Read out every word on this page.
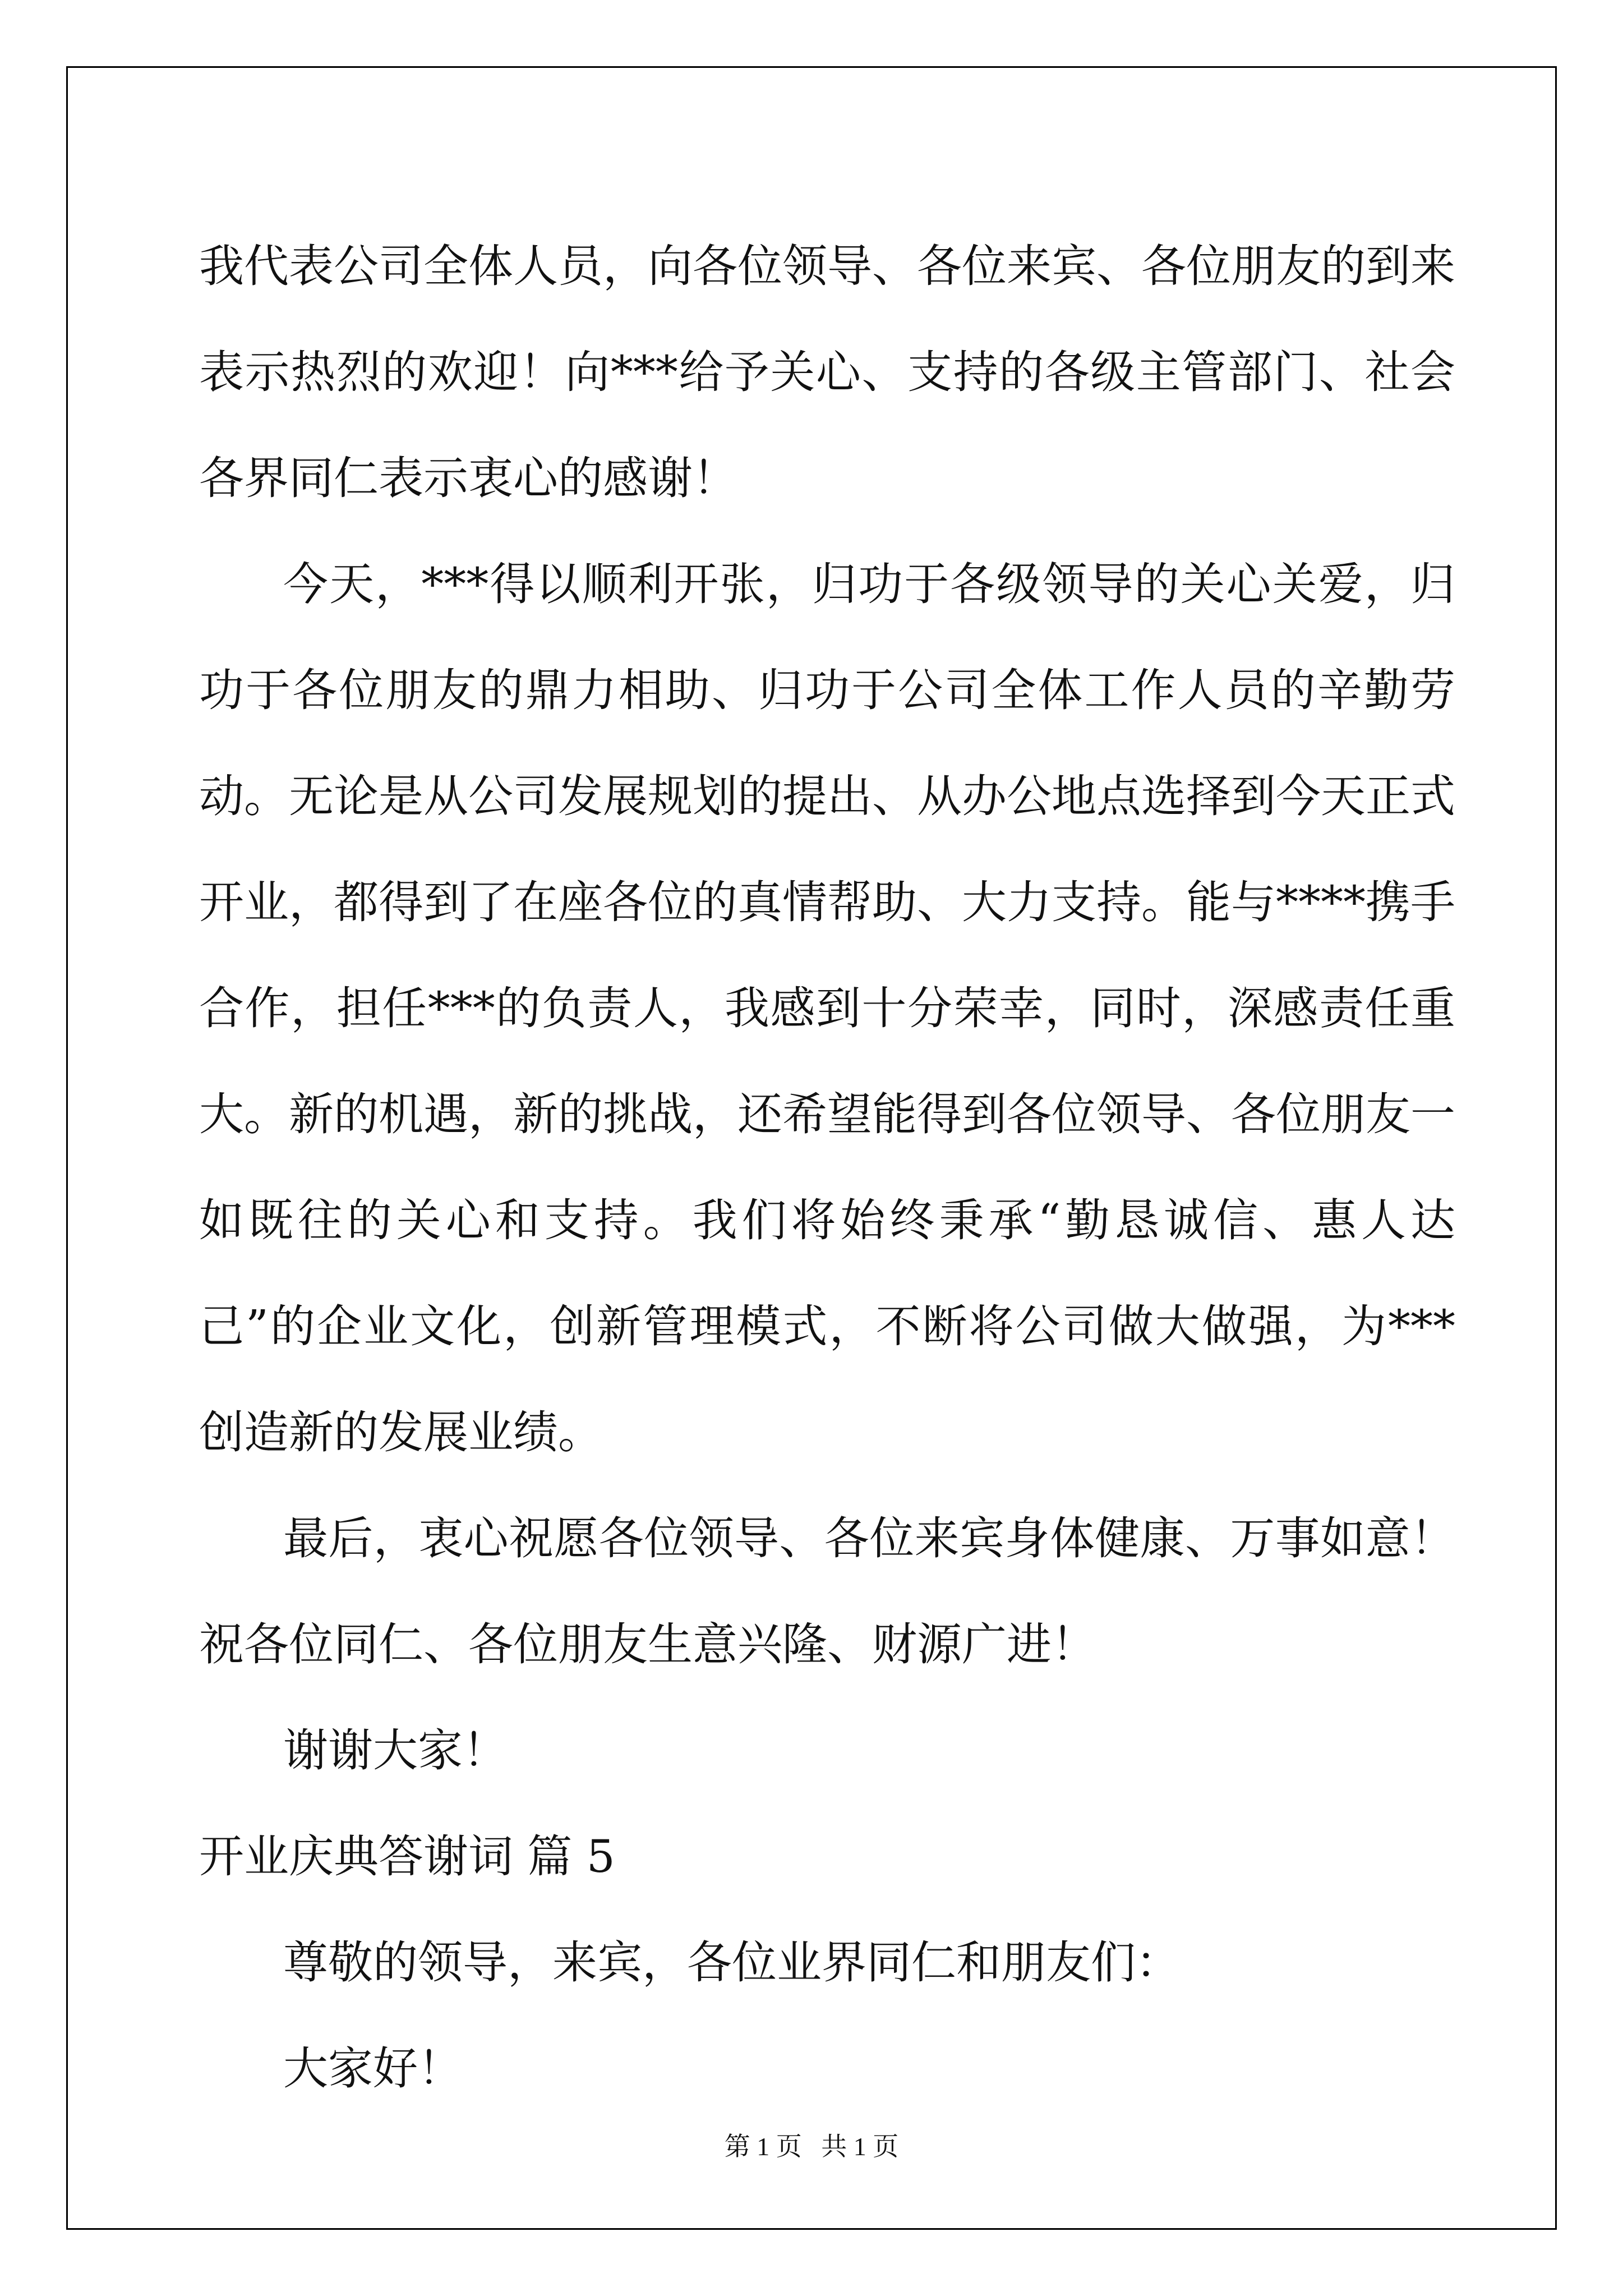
我代表公司全体人员，向各位领导、各位来宾、各位朋友的到来表示热烈的欢迎！向***给予关心、支持的各级主管部门、社会各界同仁表示衷心的感谢！

今天，***得以顺利开张，归功于各级领导的关心关爱，归功于各位朋友的鼎力相助、归功于公司全体工作人员的辛勤劳动。无论是从公司发展规划的提出、从办公地点选择到今天正式开业，都得到了在座各位的真情帮助、大力支持。能与****携手合作，担任***的负责人，我感到十分荣幸，同时，深感责任重大。新的机遇，新的挑战，还希望能得到各位领导、各位朋友一如既往的关心和支持。我们将始终秉承“勤恳诚信、惠人达己”的企业文化，创新管理模式，不断将公司做大做强，为***创造新的发展业绩。

最后，衷心祝愿各位领导、各位来宾身体健康、万事如意！祝各位同仁、各位朋友生意兴隆、财源广进！

谢谢大家！

开业庆典答谢词 篇 5

尊敬的领导，来宾，各位业界同仁和朋友们：

大家好！

第 1 页   共 1 页
